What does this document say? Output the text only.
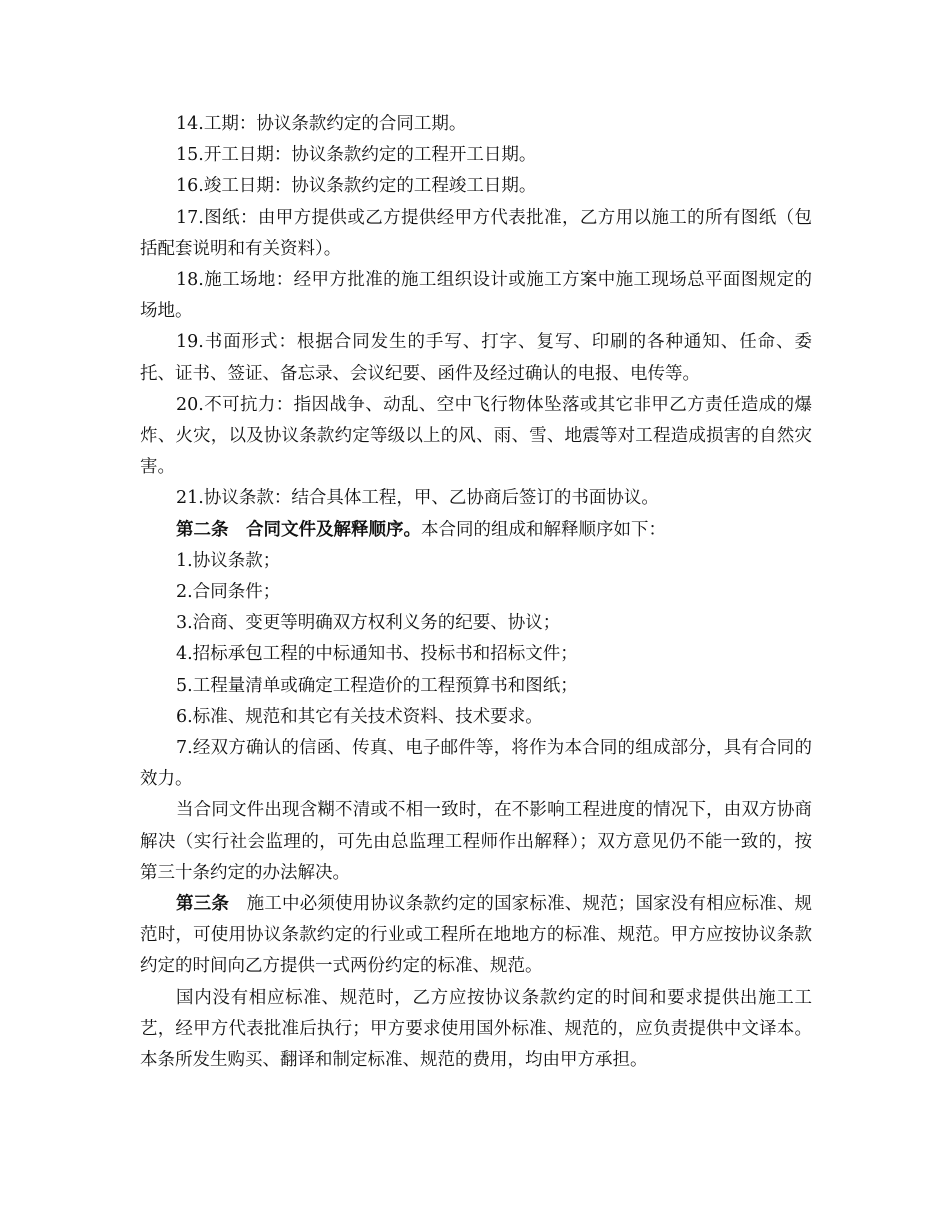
14.工期：协议条款约定的合同工期。

15.开工日期：协议条款约定的工程开工日期。

16.竣工日期：协议条款约定的工程竣工日期。

17.图纸：由甲方提供或乙方提供经甲方代表批准，乙方用以施工的所有图纸（包括配套说明和有关资料）。

18.施工场地：经甲方批准的施工组织设计或施工方案中施工现场总平面图规定的场地。

19.书面形式：根据合同发生的手写、打字、复写、印刷的各种通知、任命、委托、证书、签证、备忘录、会议纪要、函件及经过确认的电报、电传等。

20.不可抗力：指因战争、动乱、空中飞行物体坠落或其它非甲乙方责任造成的爆炸、火灾，以及协议条款约定等级以上的风、雨、雪、地震等对工程造成损害的自然灾害。

21.协议条款：结合具体工程，甲、乙协商后签订的书面协议。

第二条　合同文件及解释顺序。本合同的组成和解释顺序如下：

1.协议条款；

2.合同条件；

3.洽商、变更等明确双方权利义务的纪要、协议；

4.招标承包工程的中标通知书、投标书和招标文件；

5.工程量清单或确定工程造价的工程预算书和图纸；

6.标准、规范和其它有关技术资料、技术要求。

7.经双方确认的信函、传真、电子邮件等，将作为本合同的组成部分，具有合同的效力。

当合同文件出现含糊不清或不相一致时，在不影响工程进度的情况下，由双方协商解决（实行社会监理的，可先由总监理工程师作出解释）；双方意见仍不能一致的，按第三十条约定的办法解决。

第三条　施工中必须使用协议条款约定的国家标准、规范；国家没有相应标准、规范时，可使用协议条款约定的行业或工程所在地地方的标准、规范。甲方应按协议条款约定的时间向乙方提供一式两份约定的标准、规范。

国内没有相应标准、规范时，乙方应按协议条款约定的时间和要求提供出施工工艺，经甲方代表批准后执行；甲方要求使用国外标准、规范的，应负责提供中文译本。本条所发生购买、翻译和制定标准、规范的费用，均由甲方承担。
